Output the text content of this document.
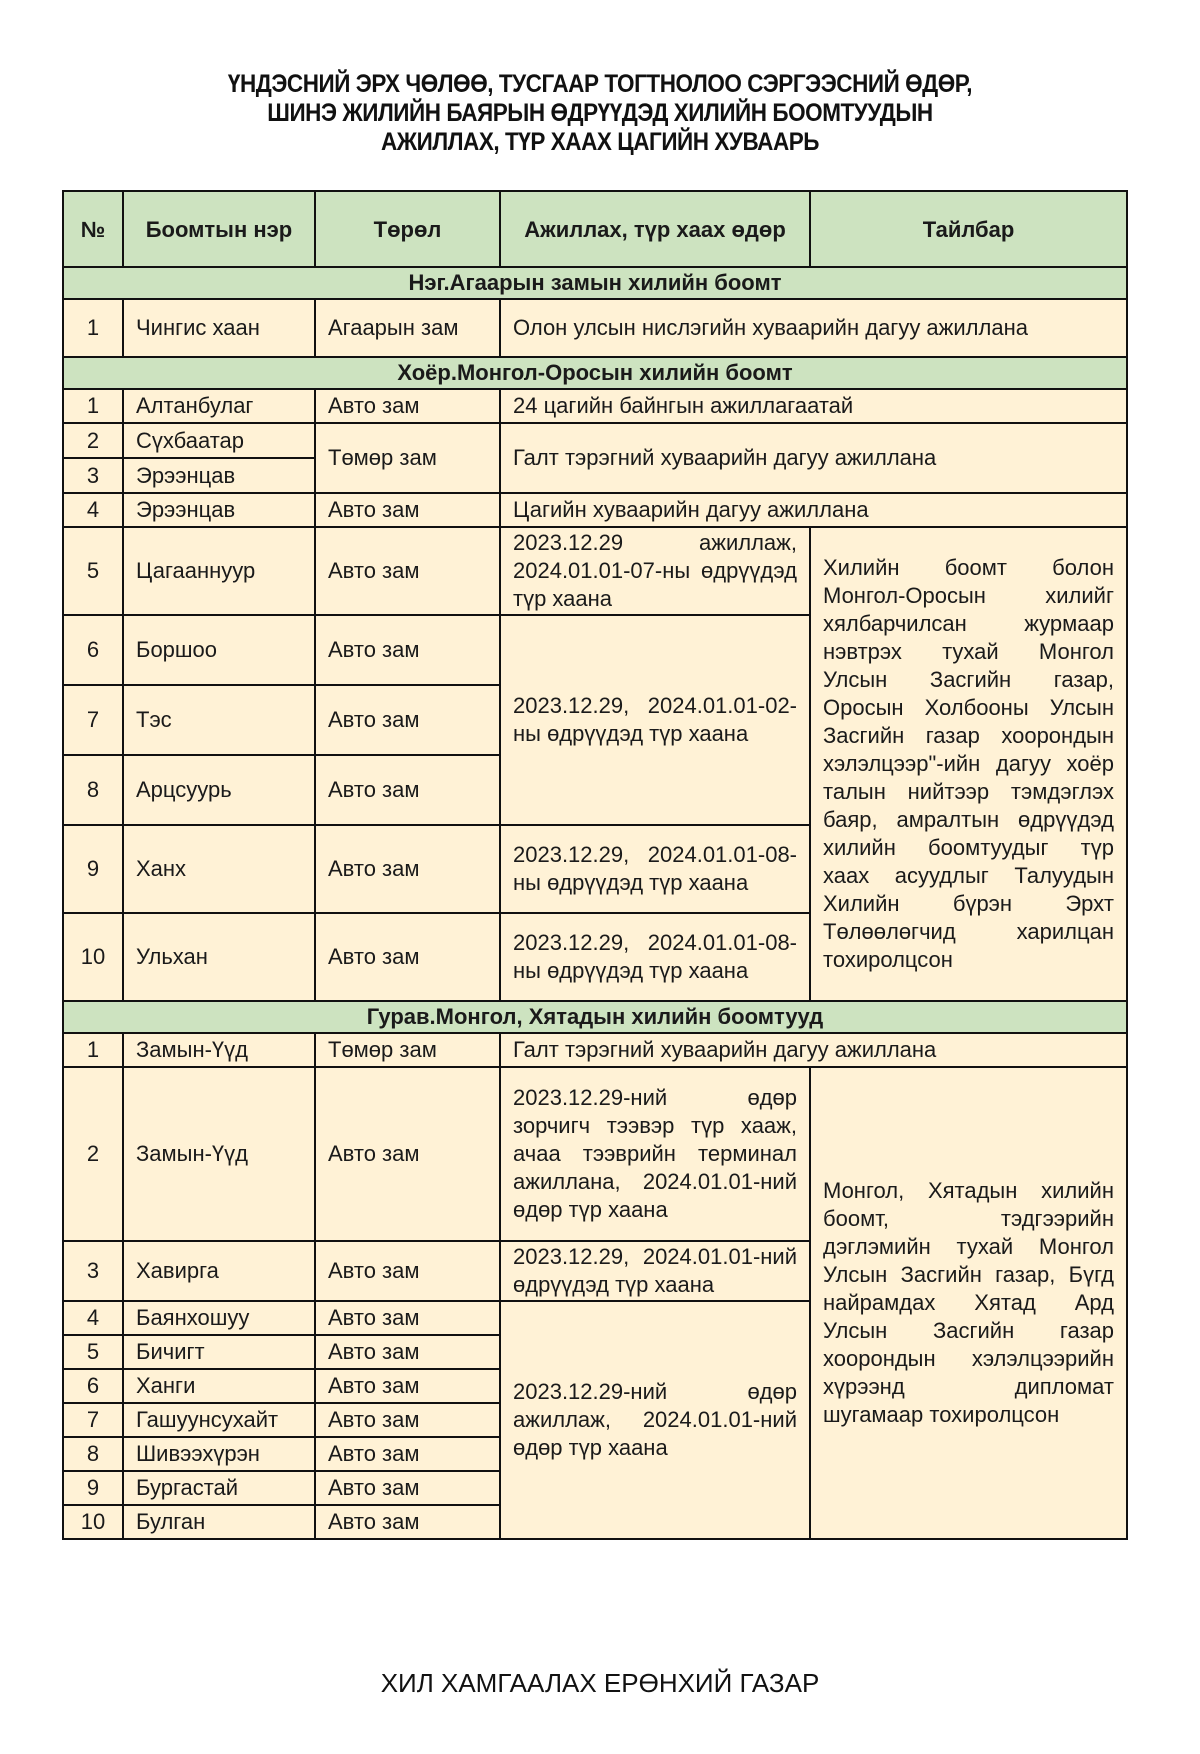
ҮНДЭСНИЙ ЭРХ ЧӨЛӨӨ, ТУСГААР ТОГТНОЛОО СЭРГЭЭСНИЙ ӨДӨР,
ШИНЭ ЖИЛИЙН БАЯРЫН ӨДРҮҮДЭД ХИЛИЙН БООМТУУДЫН
АЖИЛЛАХ, ТҮР ХААХ ЦАГИЙН ХУВААРЬ
№	Боомтын нэр	Төрөл	Ажиллах, түр хаах өдөр	Тайлбар
Нэг.Агаарын замын хилийн боомт				
1	Чингис хаан	Агаарын зам	Олон улсын нислэгийн хуваарийн дагуу ажиллана	
Хоёр.Монгол-Оросын хилийн боомт				
1	Алтанбулаг	Авто зам	24 цагийн байнгын ажиллагаатай	
2	Сүхбаатар	Төмөр зам	Галт тэрэгний хуваарийн дагуу ажиллана	
3	Эрээнцав			
4	Эрээнцав	Авто зам	Цагийн хуваарийн дагуу ажиллана	
5	Цагааннуур	Авто зам	2023.12.29 ажиллаж, 2024.01.01-07-ны өдрүүдэд түр хаана	Хилийн боомт болон Монгол-Оросын хилийг хялбарчилсан журмаар нэвтрэх тухай Монгол Улсын Засгийн газар, Оросын Холбооны Улсын Засгийн газар хоорондын хэлэлцээр"-ийн дагуу хоёр талын нийтээр тэмдэглэх баяр, амралтын өдрүүдэд хилийн боомтуудыг түр хаах асуудлыг Талуудын Хилийн бүрэн Эрхт Төлөөлөгчид харилцан тохиролцсон
6	Боршоо	Авто зам	2023.12.29, 2024.01.01-02-ны өдрүүдэд түр хаана	
7	Тэс	Авто зам		
8	Арцсуурь	Авто зам		
9	Ханх	Авто зам	2023.12.29, 2024.01.01-08-ны өдрүүдэд түр хаана	
10	Ульхан	Авто зам	2023.12.29, 2024.01.01-08-ны өдрүүдэд түр хаана	
Гурав.Монгол, Хятадын хилийн боомтууд				
1	Замын-Үүд	Төмөр зам	Галт тэрэгний хуваарийн дагуу ажиллана	
2	Замын-Үүд	Авто зам	2023.12.29-ний өдөр зорчигч тээвэр түр хааж, ачаа тээврийн терминал ажиллана, 2024.01.01-ний өдөр түр хаана	Монгол, Хятадын хилийн боомт, тэдгээрийн дэглэмийн тухай Монгол Улсын Засгийн газар, Бүгд найрамдах Хятад Ард Улсын Засгийн газар хоорондын хэлэлцээрийн хүрээнд дипломат шугамаар тохиролцсон
3	Хавирга	Авто зам	2023.12.29, 2024.01.01-ний өдрүүдэд түр хаана	
4	Баянхошуу	Авто зам	2023.12.29-ний өдөр ажиллаж, 2024.01.01-ний өдөр түр хаана	
5	Бичигт	Авто зам		
6	Ханги	Авто зам		
7	Гашуунсухайт	Авто зам		
8	Шивээхүрэн	Авто зам		
9	Бургастай	Авто зам		
10	Булган	Авто зам		
ХИЛ ХАМГААЛАХ ЕРӨНХИЙ ГАЗАР
